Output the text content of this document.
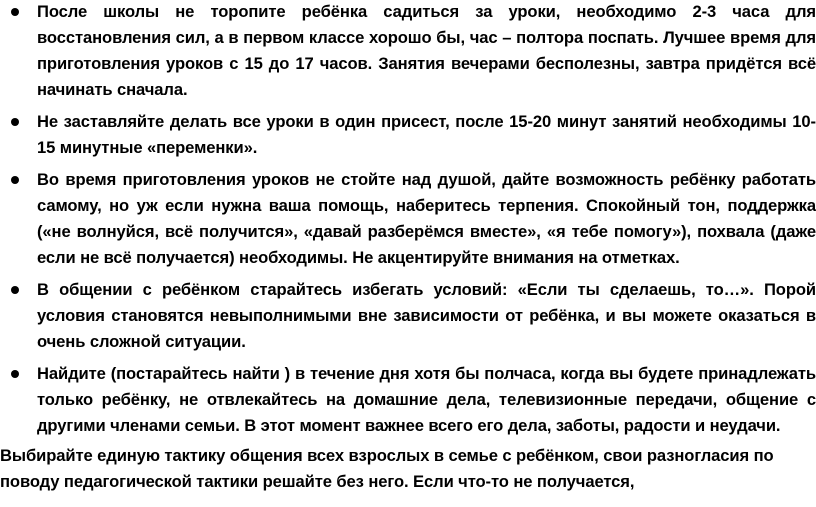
После школы не торопите ребёнка садиться за уроки, необходимо 2-3 часа для восстановления сил, а в первом классе хорошо бы, час – полтора поспать. Лучшее время для приготовления уроков с 15 до 17 часов. Занятия вечерами бесполезны, завтра придётся всё начинать сначала.
Не заставляйте делать все уроки в один присест, после 15-20 минут занятий необходимы 10-15 минутные «переменки».
Во время приготовления уроков не стойте над душой, дайте возможность ребёнку работать самому, но уж если нужна ваша помощь, наберитесь терпения. Спокойный тон, поддержка («не волнуйся, всё получится», «давай разберёмся вместе», «я тебе помогу»), похвала (даже если не всё получается) необходимы. Не акцентируйте внимания на отметках.
В общении с ребёнком старайтесь избегать условий: «Если ты сделаешь, то…». Порой условия становятся невыполнимыми вне зависимости от ребёнка, и вы можете оказаться в очень сложной ситуации.
Найдите (постарайтесь найти ) в течение дня хотя бы полчаса, когда вы будете принадлежать только ребёнку, не отвлекайтесь на домашние дела, телевизионные передачи, общение с другими членами семьи. В этот момент важнее всего его дела, заботы, радости и неудачи.

Выбирайте единую тактику общения всех взрослых в семье с ребёнком, свои разногласия по поводу педагогической тактики решайте без него. Если что-то не получается,
